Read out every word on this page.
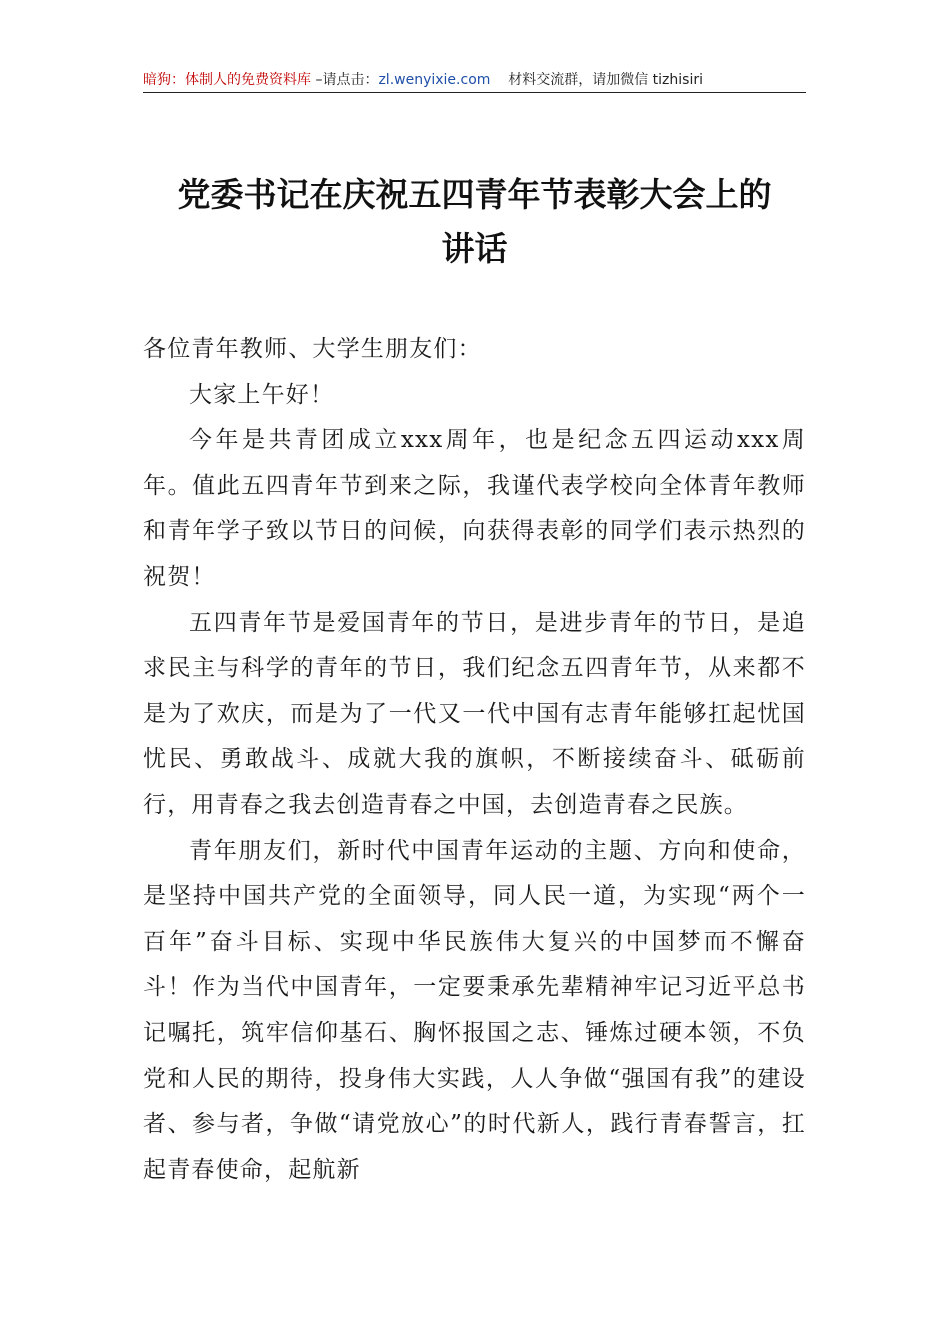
暗狗：体制人的免费资料库 –请点击：zl.wenyixie.com    材料交流群，请加微信 tizhisiri
党委书记在庆祝五四青年节表彰大会上的
讲话

各位青年教师、大学生朋友们：

大家上午好！

今年是共青团成立xxx周年，也是纪念五四运动xxx周年。值此五四青年节到来之际，我谨代表学校向全体青年教师和青年学子致以节日的问候，向获得表彰的同学们表示热烈的祝贺！

五四青年节是爱国青年的节日，是进步青年的节日，是追求民主与科学的青年的节日，我们纪念五四青年节，从来都不是为了欢庆，而是为了一代又一代中国有志青年能够扛起忧国忧民、勇敢战斗、成就大我的旗帜，不断接续奋斗、砥砺前行，用青春之我去创造青春之中国，去创造青春之民族。

青年朋友们，新时代中国青年运动的主题、方向和使命，是坚持中国共产党的全面领导，同人民一道，为实现“两个一百年”奋斗目标、实现中华民族伟大复兴的中国梦而不懈奋斗！作为当代中国青年，一定要秉承先辈精神牢记习近平总书记嘱托，筑牢信仰基石、胸怀报国之志、锤炼过硬本领，不负党和人民的期待，投身伟大实践，人人争做“强国有我”的建设者、参与者，争做“请党放心”的时代新人，践行青春誓言，扛起青春使命，起航新
